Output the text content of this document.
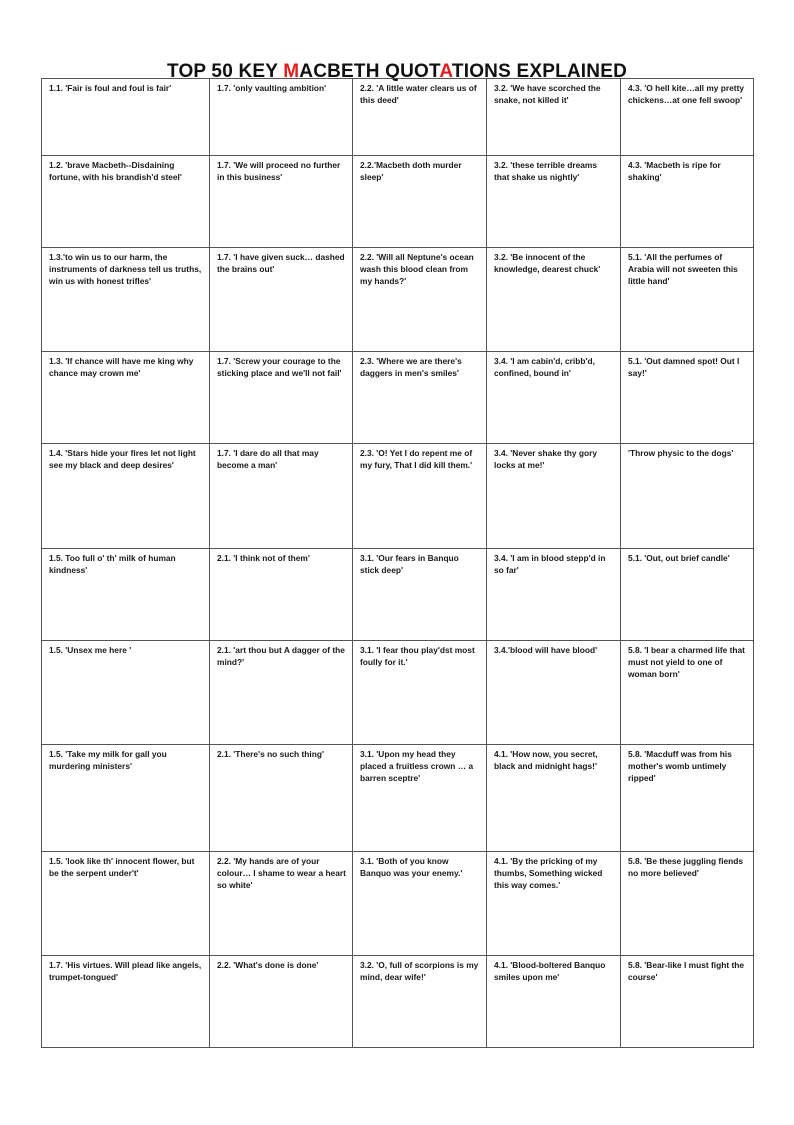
TOP 50 KEY MACBETH QUOTATIONS EXPLAINED
1.1. 'Fair is foul and foul is fair'	1.7. 'only vaulting ambition'	2.2. 'A little water clears us of this deed'	3.2. 'We have scorched the snake, not killed it'	4.3. 'O hell kite…all my pretty chickens…at one fell swoop'
1.2. 'brave Macbeth--Disdaining fortune, with his brandish'd steel'	1.7. 'We will proceed no further in this business'	2.2.'Macbeth doth murder sleep'	3.2. 'these terrible dreams that shake us nightly'	4.3. 'Macbeth is ripe for shaking'
1.3.'to win us to our harm, the instruments of darkness tell us truths, win us with honest trifles'	1.7. 'I have given suck… dashed the brains out'	2.2. 'Will all Neptune's ocean wash this blood clean from my hands?'	3.2. 'Be innocent of the knowledge, dearest chuck'	5.1. 'All the perfumes of Arabia will not sweeten this little hand'
1.3. 'If chance will have me king why chance may crown me'	1.7. 'Screw your courage to the sticking place and we'll not fail'	2.3. 'Where we are there's daggers in men's smiles'	3.4. 'I am cabin'd, cribb'd, confined, bound in'	5.1. 'Out damned spot! Out I say!'
1.4. 'Stars hide your fires let not light see my black and deep desires'	1.7. 'I dare do all that may become a man'	2.3. 'O! Yet I do repent me of my fury, That I did kill them.'	3.4. 'Never shake thy gory locks at me!'	'Throw physic to the dogs'
1.5. Too full o' th' milk of human kindness'	2.1. 'I think not of them'	3.1. 'Our fears in Banquo stick deep'	3.4. 'I am in blood stepp'd in so far'	5.1. 'Out, out brief candle'
1.5. 'Unsex me here '	2.1. 'art thou but A dagger of the mind?'	3.1. 'I fear thou play'dst most foully for it.'	3.4.'blood will have blood'	5.8. 'I bear a charmed life that must not yield to one of woman born'
1.5. 'Take my milk for gall you murdering ministers'	2.1. 'There's no such thing'	3.1. 'Upon my head they placed a fruitless crown … a barren sceptre'	4.1. 'How now, you secret, black and midnight hags!'	5.8. 'Macduff was from his mother's womb untimely ripped'
1.5. 'look like th' innocent flower, but be the serpent under't'	2.2. 'My hands are of your colour… I shame to wear a heart so white'	3.1. 'Both of you know Banquo was your enemy.'	4.1. 'By the pricking of my thumbs, Something wicked this way comes.'	5.8. 'Be these juggling fiends no more believed'
1.7. 'His virtues. Will plead like angels, trumpet-tongued'	2.2. 'What's done is done'	3.2. 'O, full of scorpions is my mind, dear wife!'	4.1. 'Blood-boltered Banquo smiles upon me'	5.8. 'Bear-like I must fight the course'
